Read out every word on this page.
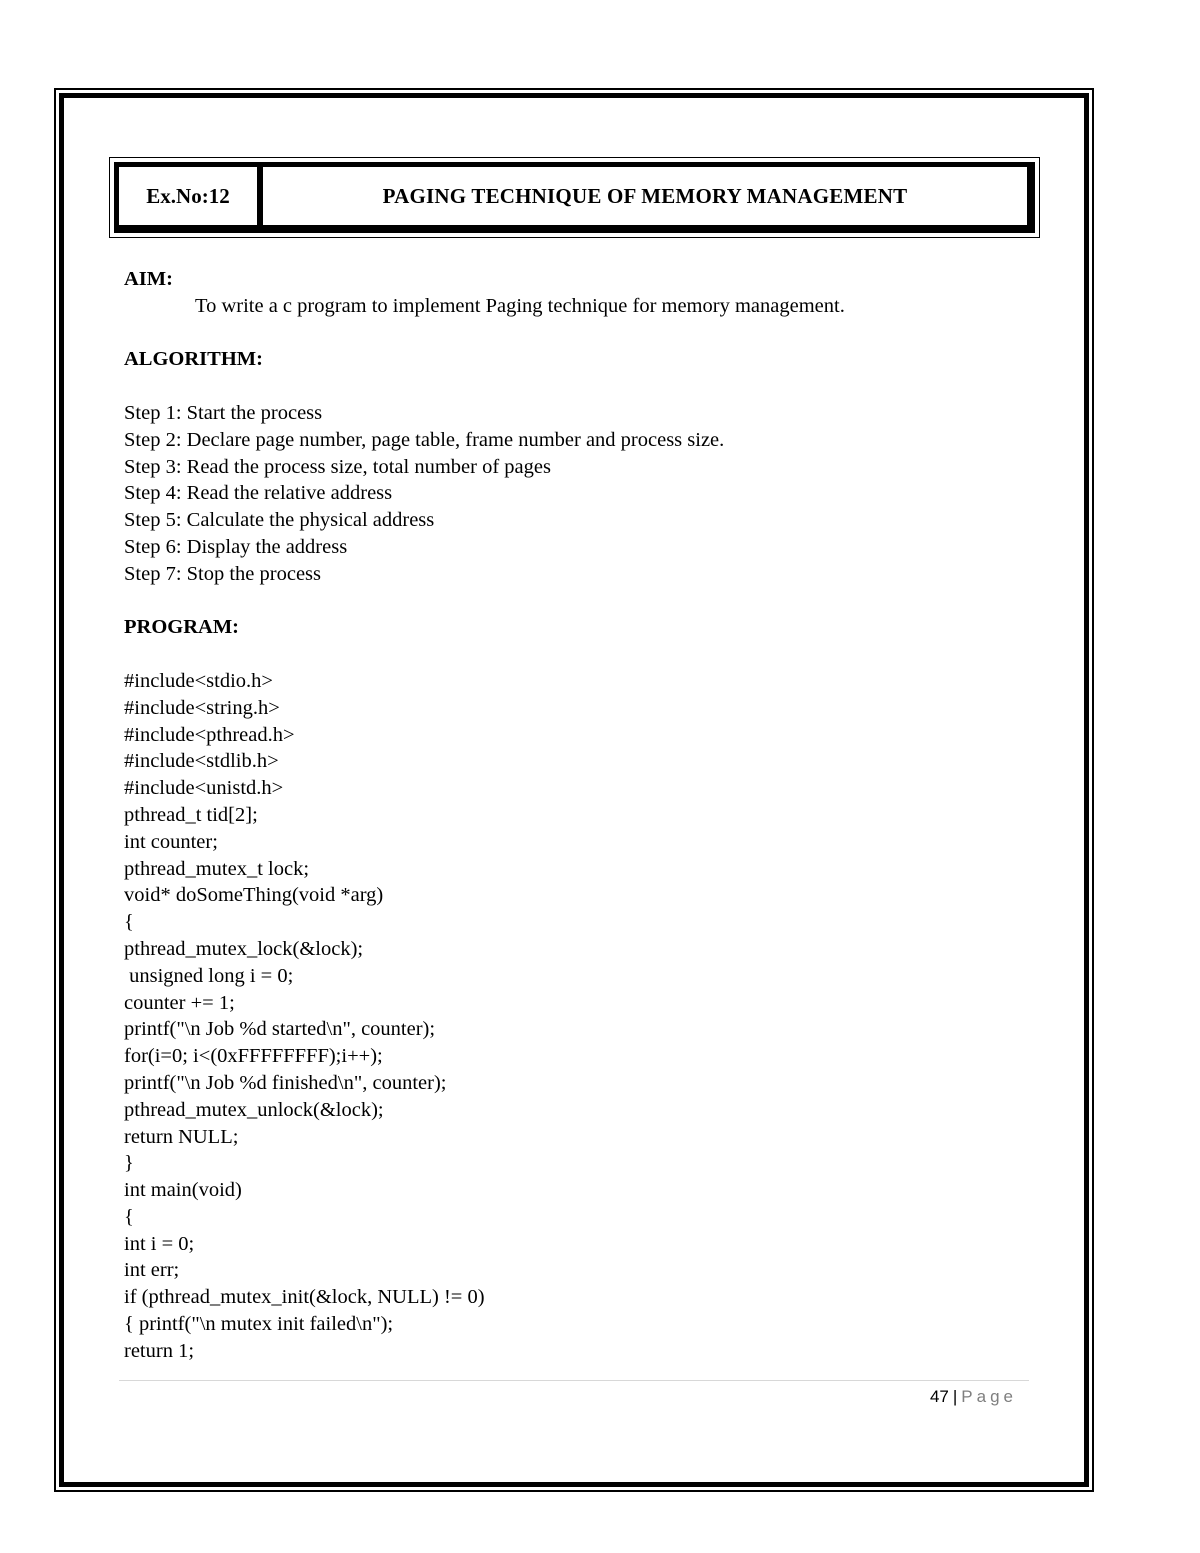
Ex.No:12	PAGING TECHNIQUE OF MEMORY MANAGEMENT

AIM:

To write a c program to implement Paging technique for memory management.

ALGORITHM:

Step 1: Start the process

Step 2: Declare page number, page table, frame number and process size.

Step 3: Read the process size, total number of pages

Step 4: Read the relative address

Step 5: Calculate the physical address

Step 6: Display the address

Step 7: Stop the process

PROGRAM:

#include<stdio.h>

#include<string.h>

#include<pthread.h>

#include<stdlib.h>

#include<unistd.h>

pthread_t tid[2];

int counter;

pthread_mutex_t lock;

void* doSomeThing(void *arg)

{

pthread_mutex_lock(&lock);

unsigned long i = 0;

counter += 1;

printf("\n Job %d started\n", counter);

for(i=0; i<(0xFFFFFFFF);i++);

printf("\n Job %d finished\n", counter);

pthread_mutex_unlock(&lock);

return NULL;

}

int main(void)

{

int i = 0;

int err;

if (pthread_mutex_init(&lock, NULL) != 0)

{ printf("\n mutex init failed\n");

return 1;

47 | Page
